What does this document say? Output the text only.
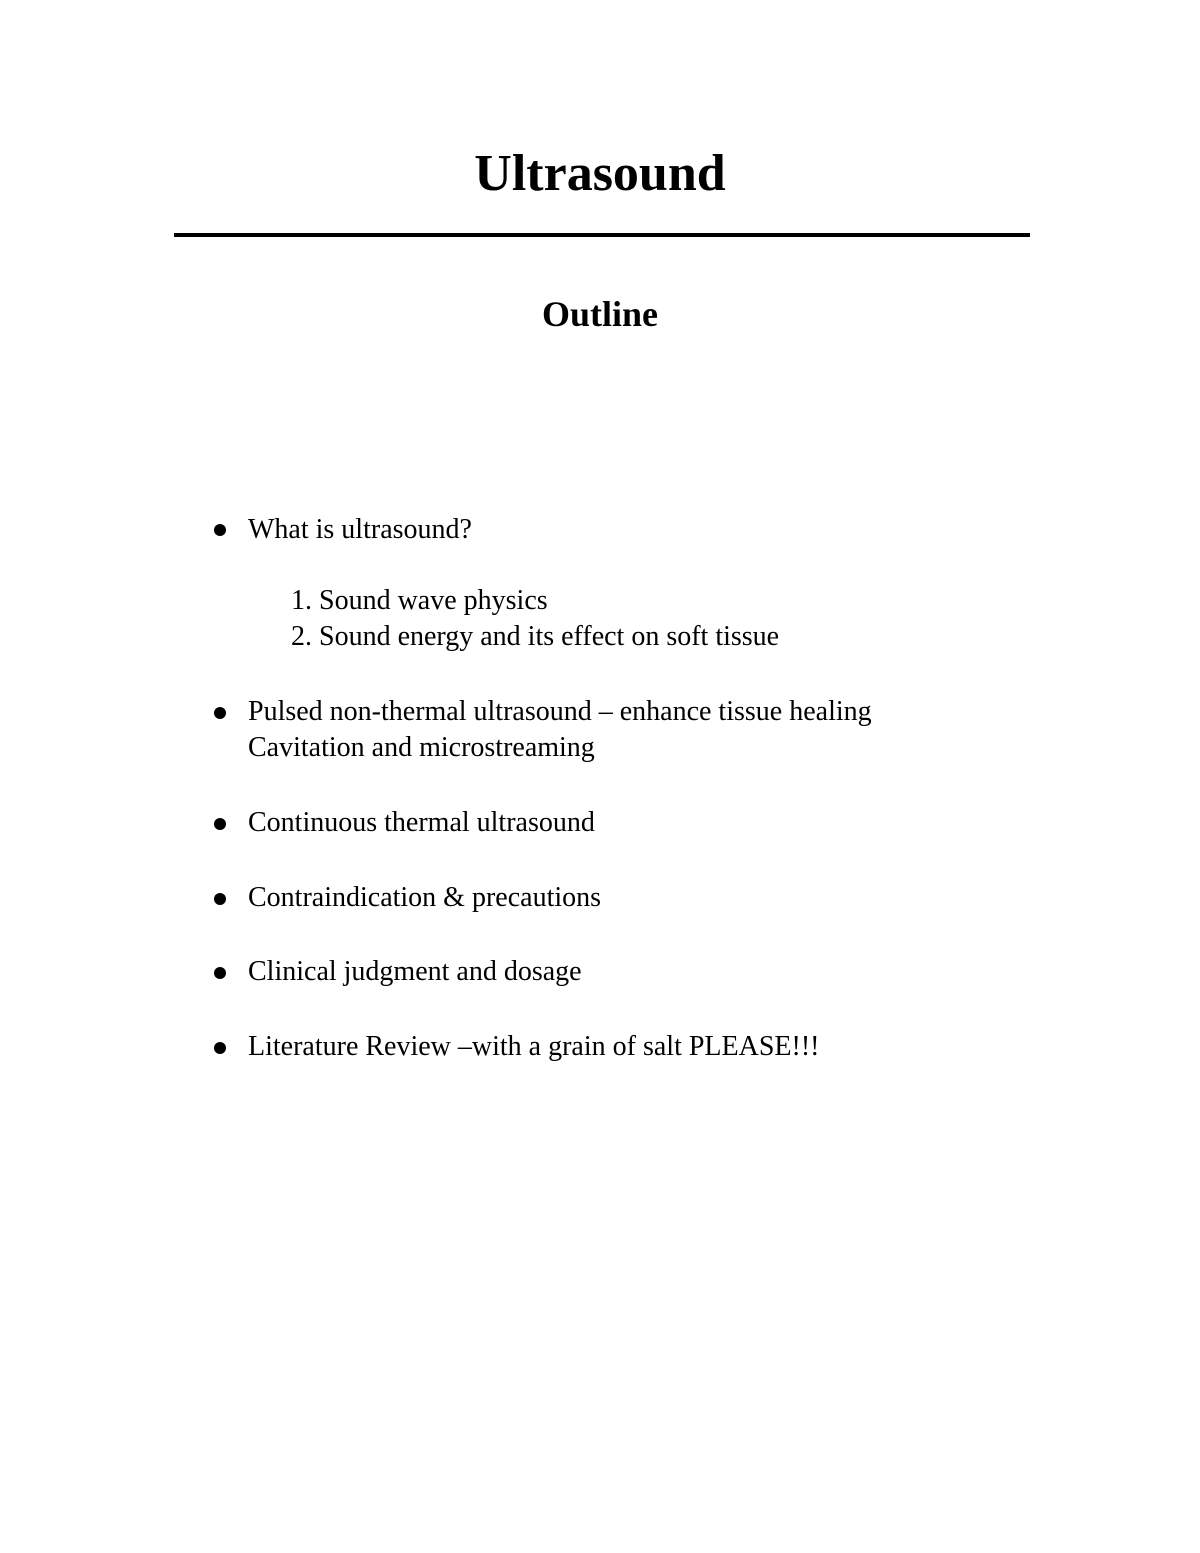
Ultrasound
Outline
What is ultrasound?
1. Sound wave physics
2. Sound energy and its effect on soft tissue
Pulsed non-thermal ultrasound – enhance tissue healing
Cavitation and microstreaming
Continuous thermal ultrasound
Contraindication & precautions
Clinical judgment and dosage
Literature Review –with a grain of salt PLEASE!!!
